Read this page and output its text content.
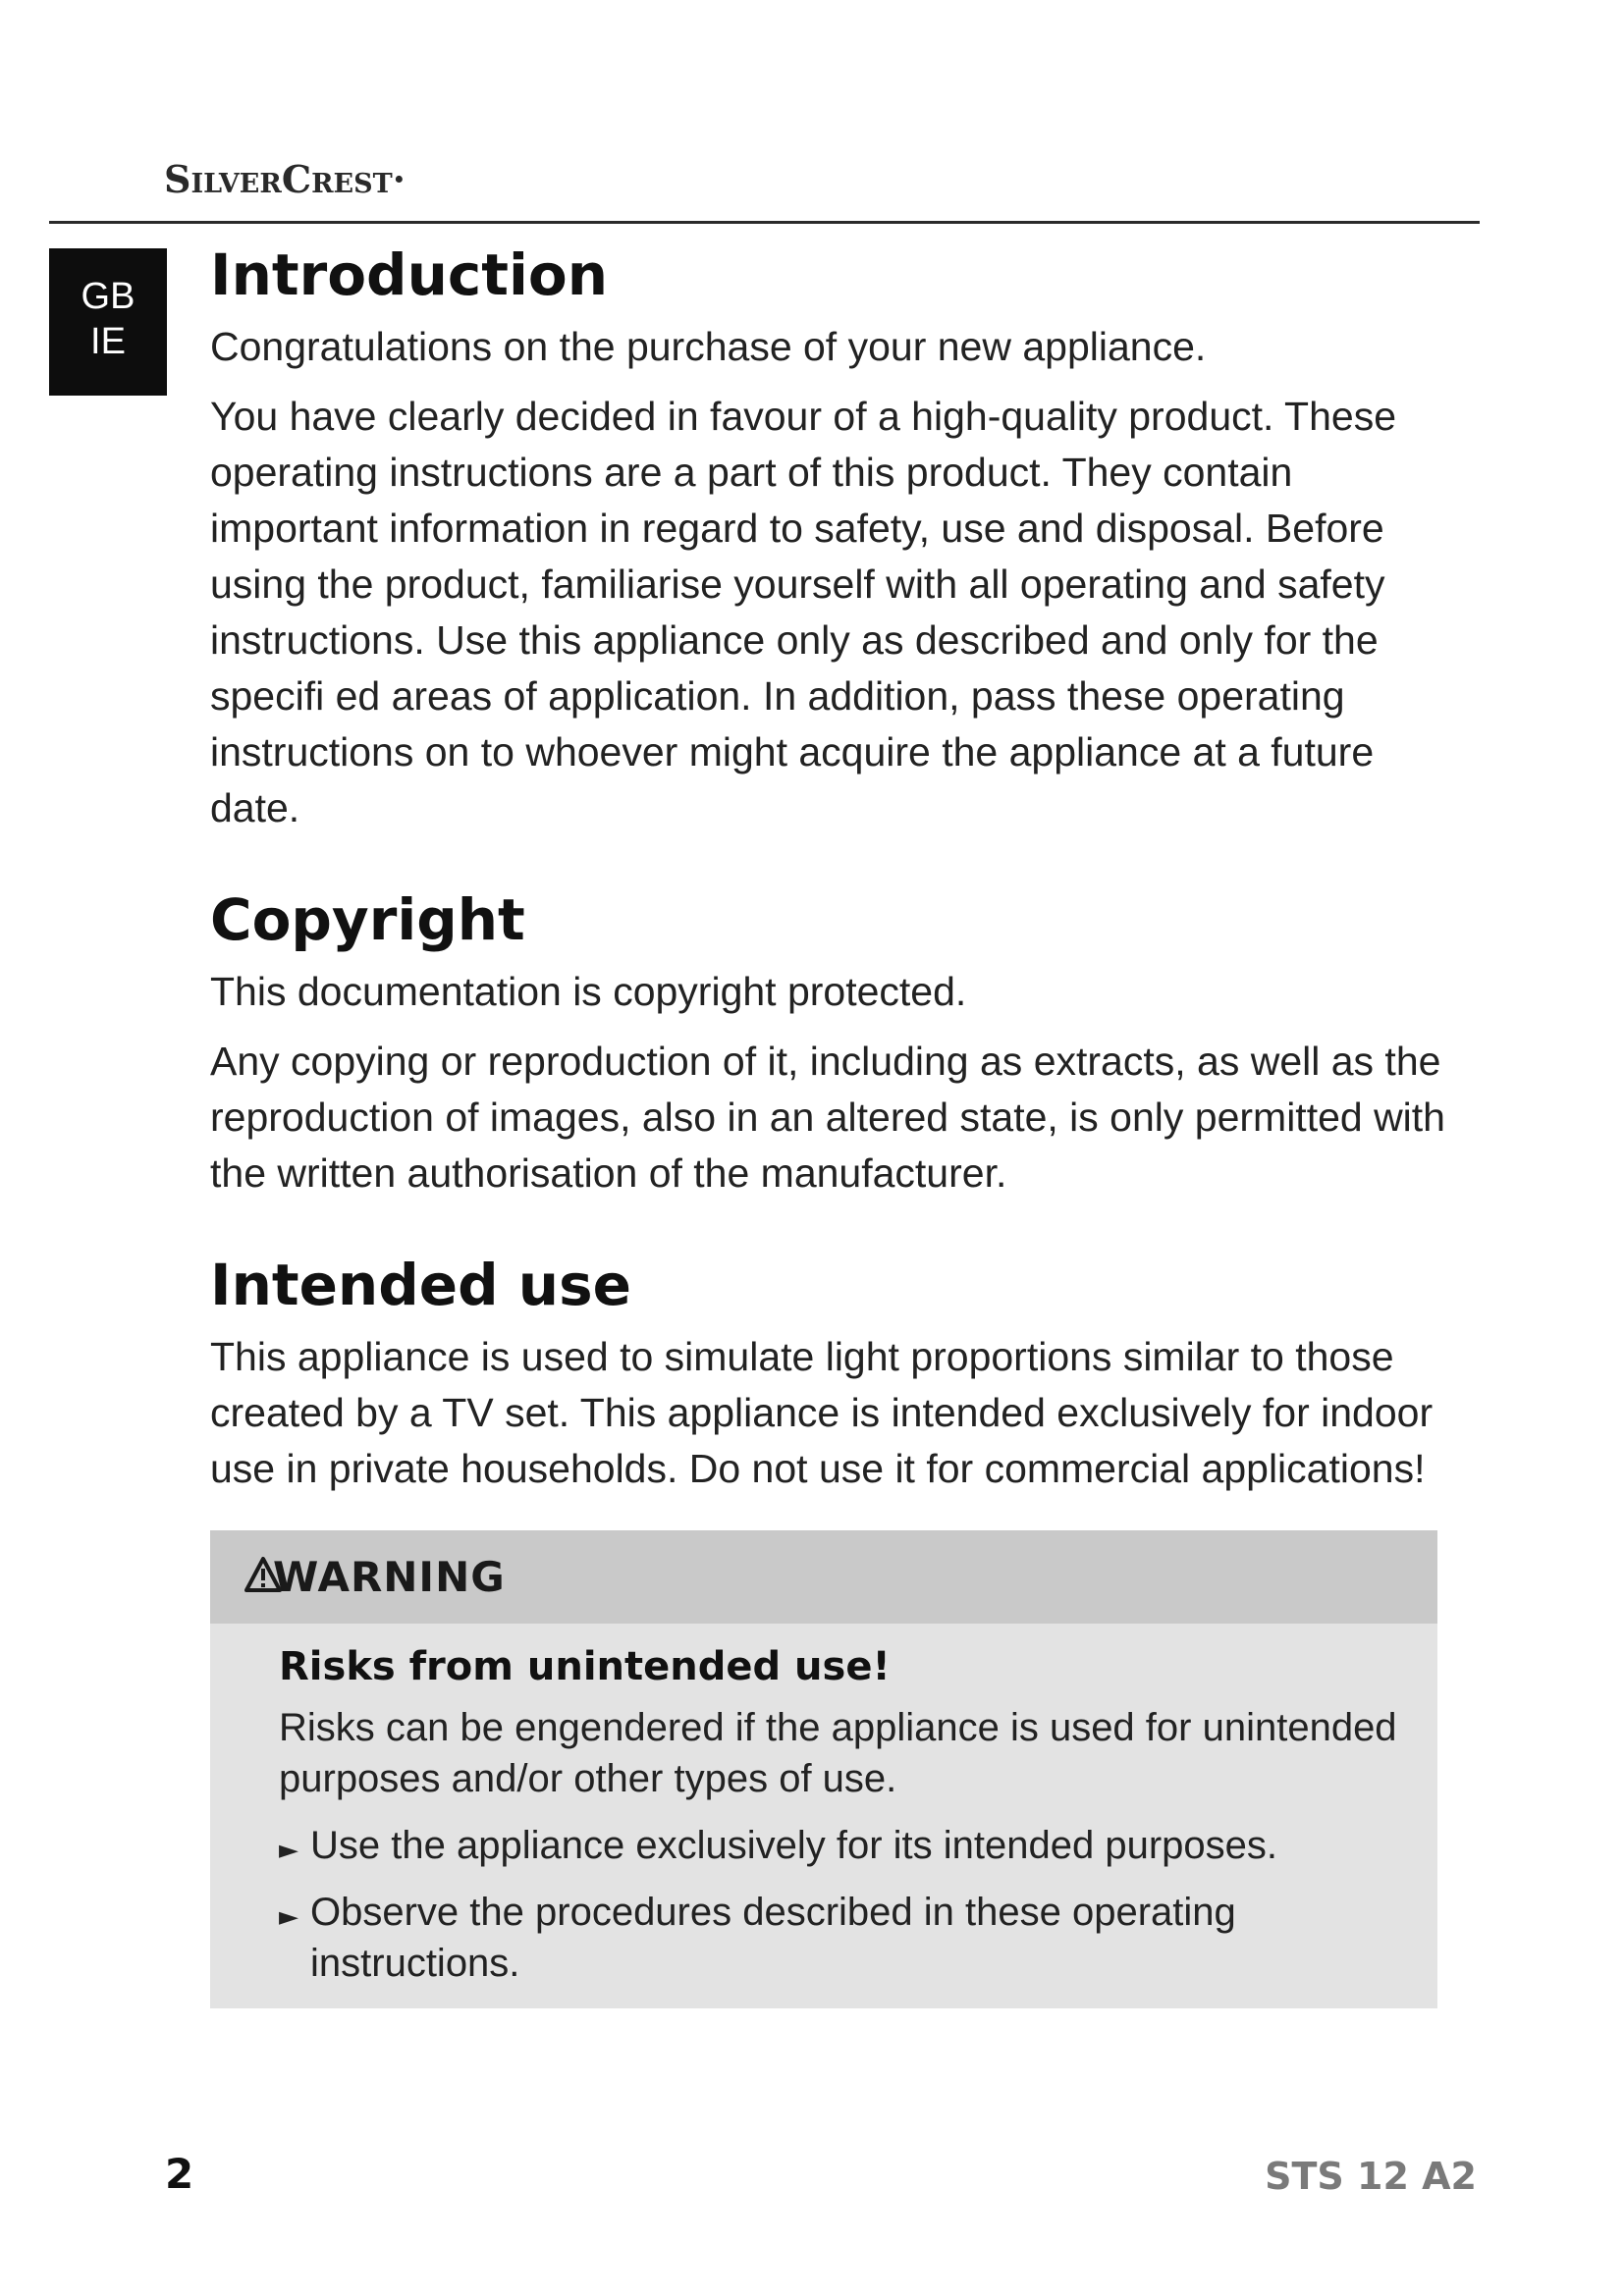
SilverCrest·
GB
IE
Introduction

Congratulations on the purchase of your new appliance.

You have clearly decided in favour of a high-quality product. These operating instructions are a part of this product. They contain important information in regard to safety, use and disposal. Before using the product, familiarise yourself with all operating and safety instructions. Use this appliance only as described and only for the specifi ed areas of application. In addition, pass these operating instructions on to whoever might acquire the appliance at a future date.

Copyright

This documentation is copyright protected.

Any copying or reproduction of it, including as extracts, as well as the reproduction of images, also in an altered state, is only permitted with the written authorisation of the manufacturer.

Intended use

This appliance is used to simulate light proportions similar to those created by a TV set. This appliance is intended exclusively for indoor use in private households. Do not use it for commercial applications!

WARNING
Risks from unintended use!

Risks can be engendered if the appliance is used for unintended purposes and/or other types of use.

► Use the appliance exclusively for its intended purposes.

► Observe the procedures described in these operating instructions.

2	STS 12 A2
